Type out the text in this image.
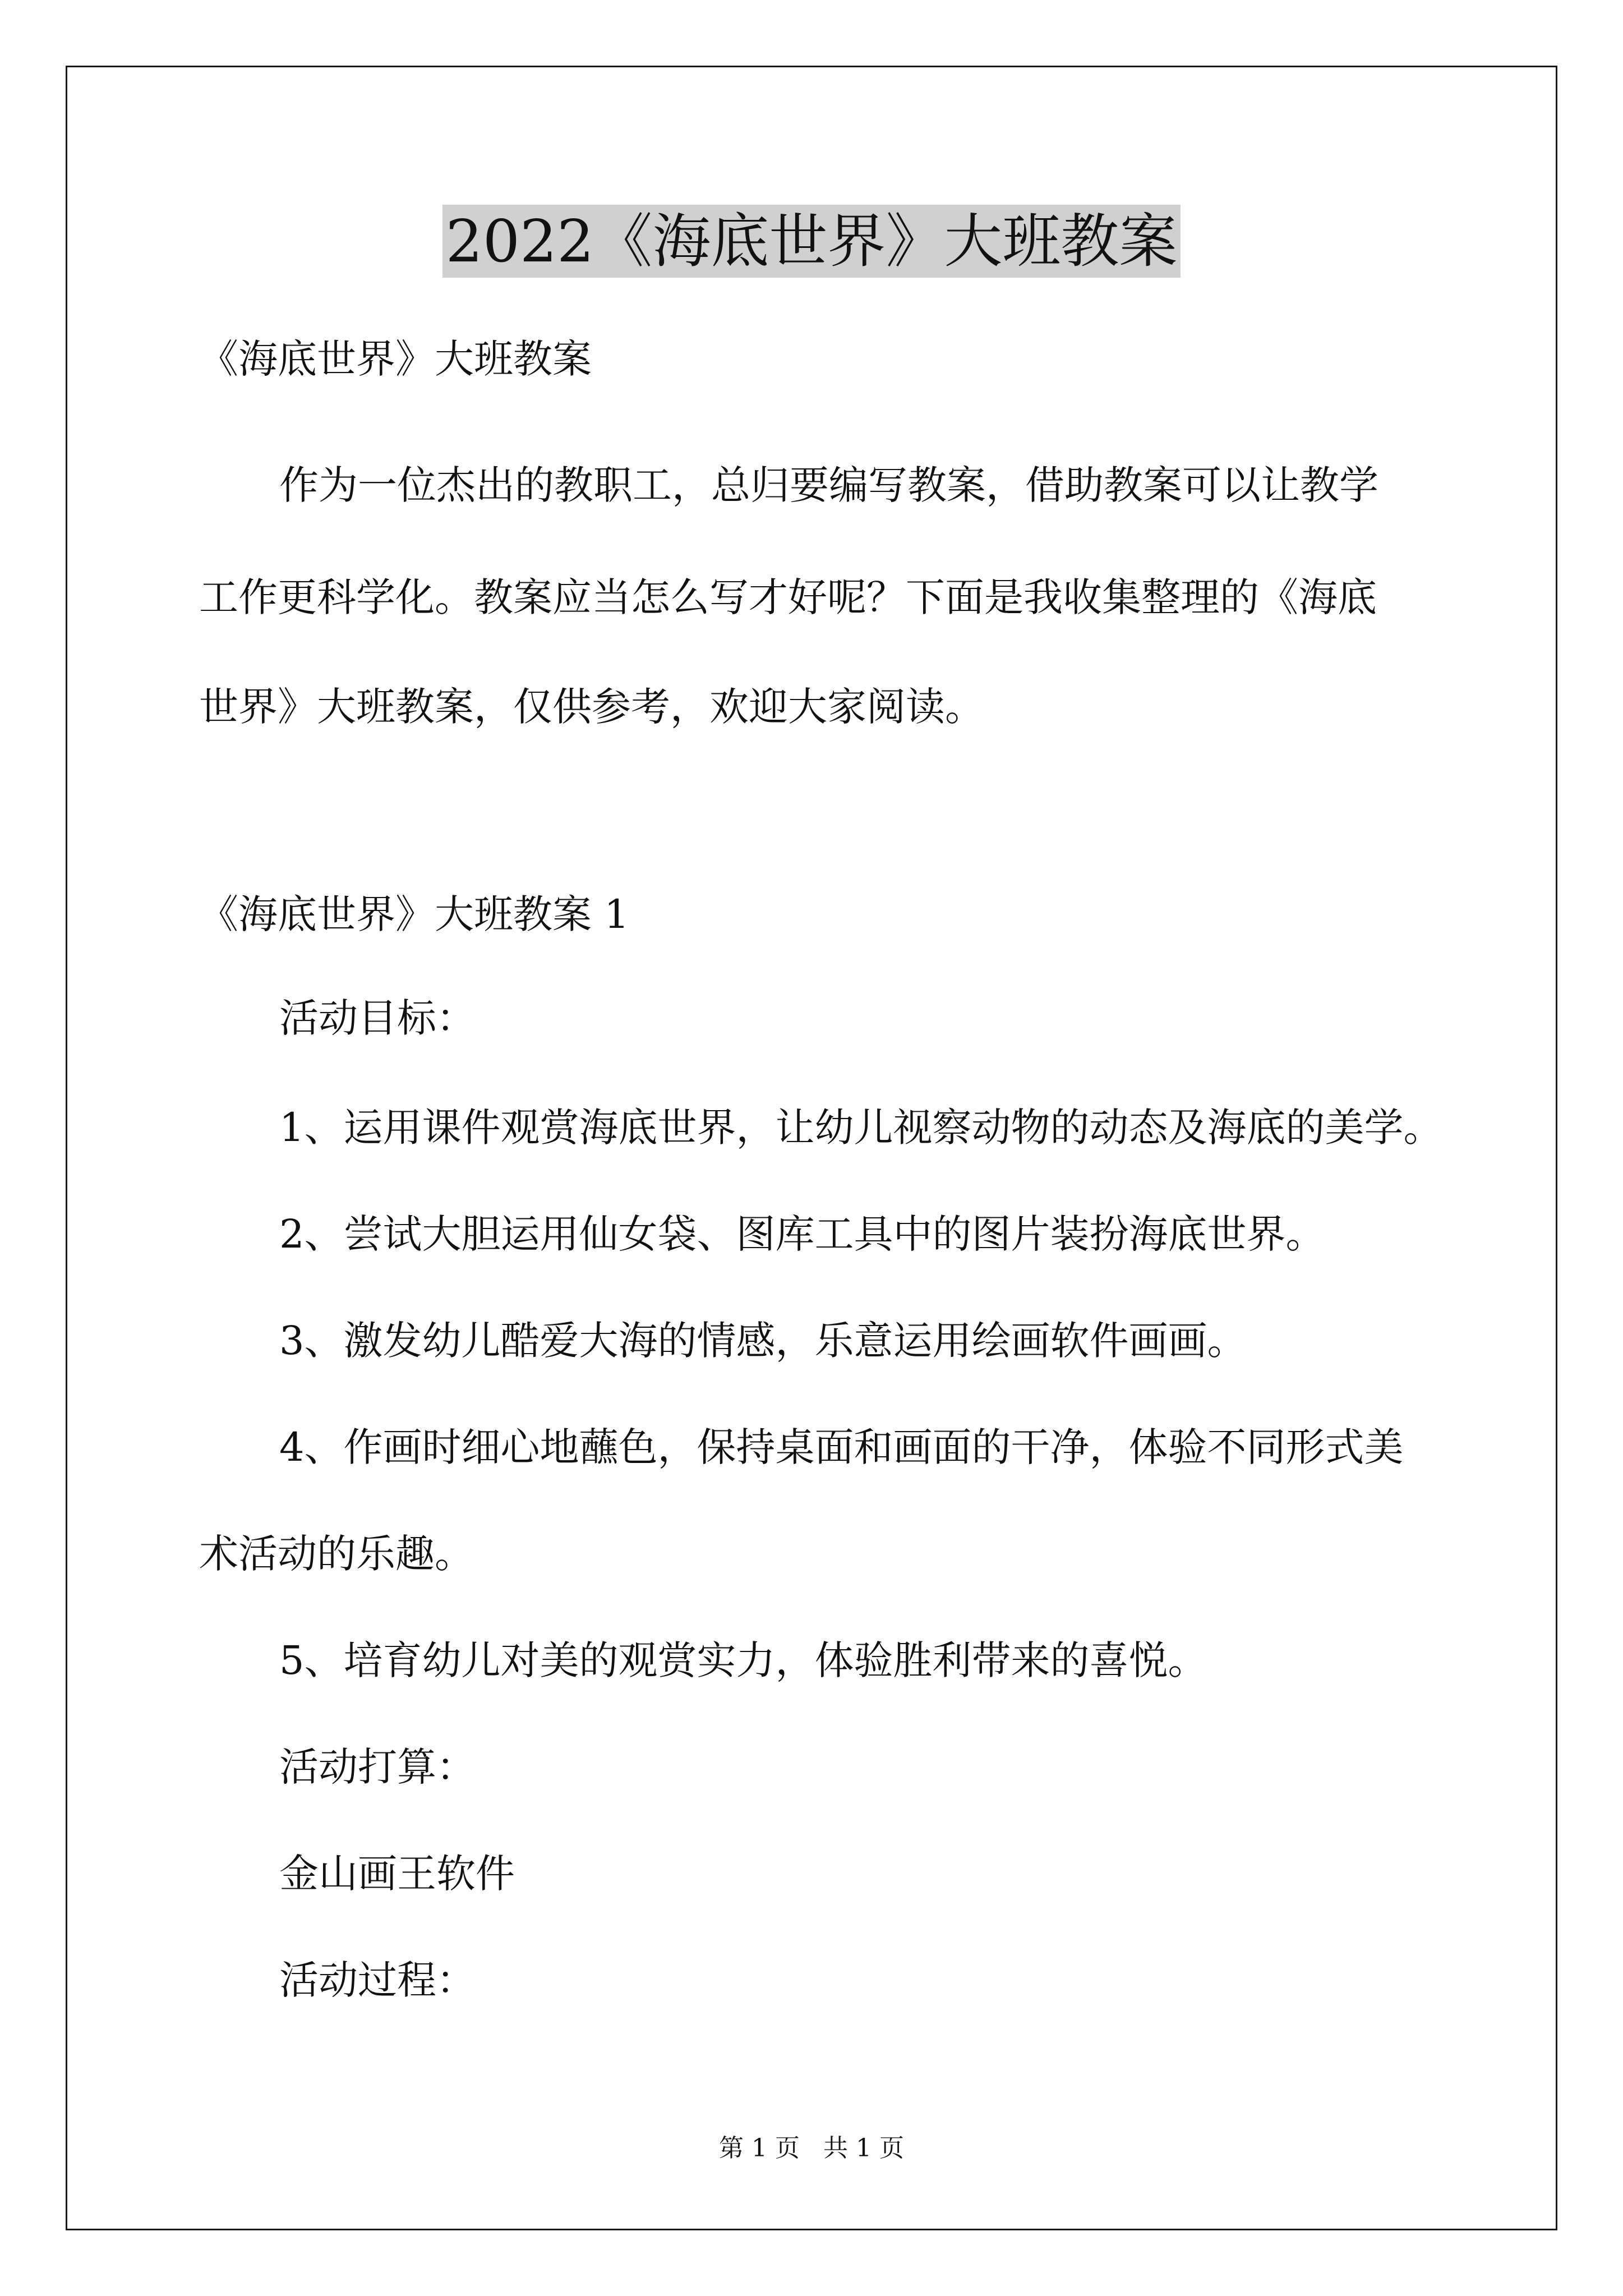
2022《海底世界》大班教案
《海底世界》大班教案
作为一位杰出的教职工，总归要编写教案，借助教案可以让教学
工作更科学化。教案应当怎么写才好呢？下面是我收集整理的《海底
世界》大班教案，仅供参考，欢迎大家阅读。
《海底世界》大班教案 1
活动目标：
1、运用课件观赏海底世界，让幼儿视察动物的动态及海底的美学。
2、尝试大胆运用仙女袋、图库工具中的图片装扮海底世界。
3、激发幼儿酷爱大海的情感，乐意运用绘画软件画画。
4、作画时细心地蘸色，保持桌面和画面的干净，体验不同形式美
术活动的乐趣。
5、培育幼儿对美的观赏实力，体验胜利带来的喜悦。
活动打算：
金山画王软件
活动过程：
第 1 页   共 1 页
